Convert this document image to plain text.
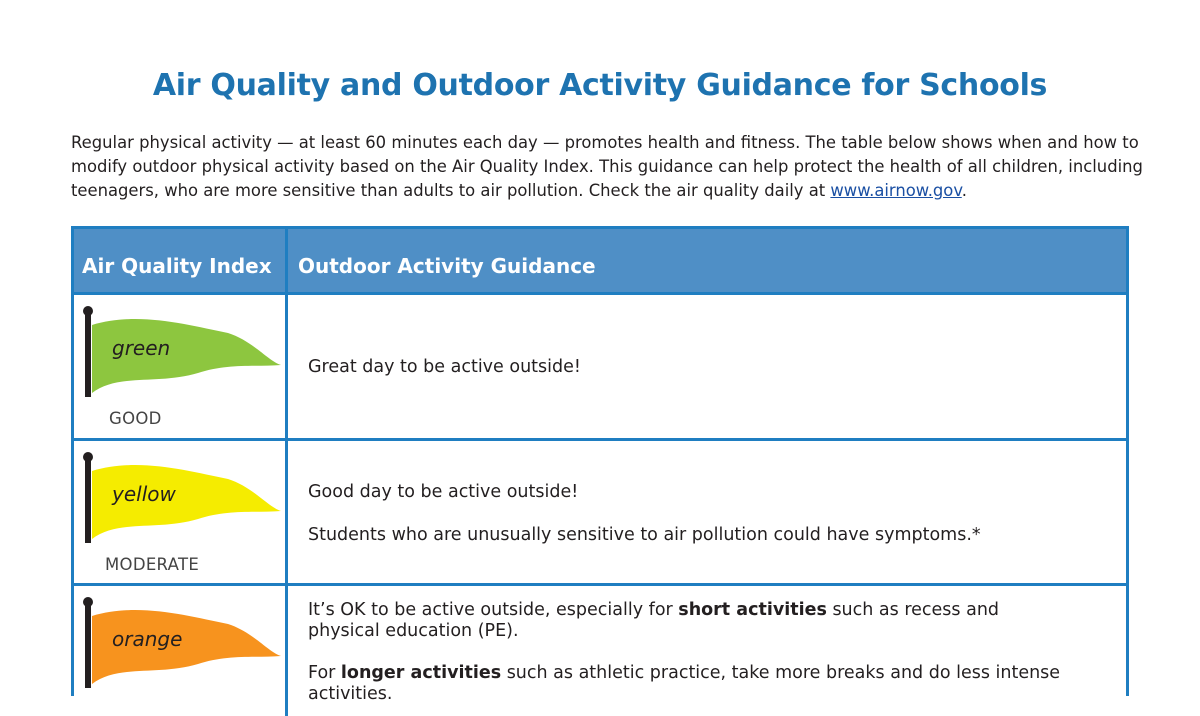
Air Quality and Outdoor Activity Guidance for Schools
Regular physical activity — at least 60 minutes each day — promotes health and fitness. The table below shows when and how to modify outdoor physical activity based on the Air Quality Index. This guidance can help protect the health of all children, including teenagers, who are more sensitive than adults to air pollution. Check the air quality daily at www.airnow.gov.
Air Quality Index	Outdoor Activity Guidance
green
GOOD
Great day to be active outside!
yellow
MODERATE
Good day to be active outside!
Students who are unusually sensitive to air pollution could have symptoms.*
orange
It’s OK to be active outside, especially for short activities such as recess and physical education (PE).
For longer activities such as athletic practice, take more breaks and do less intense activities.
